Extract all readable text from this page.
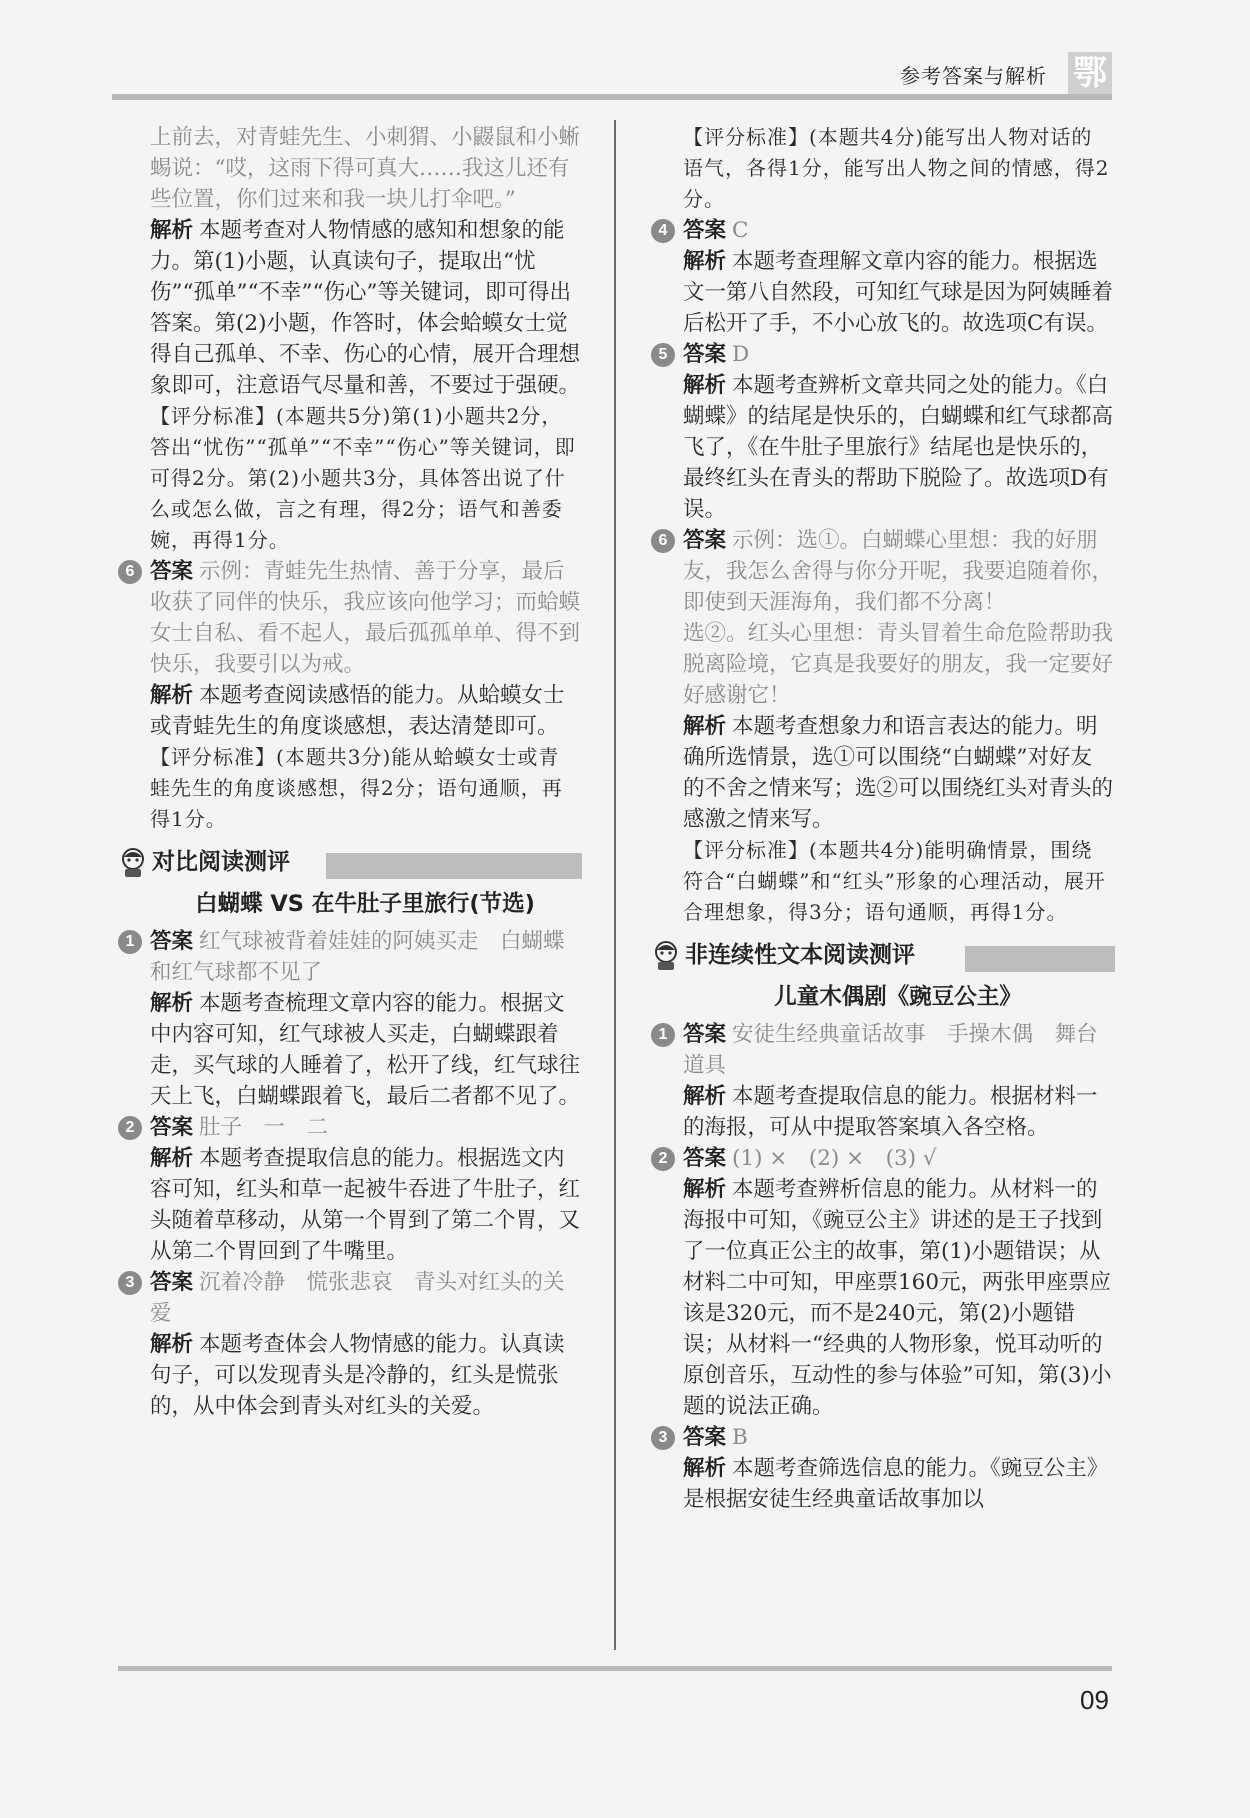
参考答案与解析 鄂

上前去，对青蛙先生、小刺猬、小鼹鼠和小蜥蜴说：“哎，这雨下得可真大……我这儿还有些位置，你们过来和我一块儿打伞吧。”

解析 本题考查对人物情感的感知和想象的能力。第(1)小题，认真读句子，提取出“忧伤”“孤单”“不幸”“伤心”等关键词，即可得出答案。第(2)小题，作答时，体会蛤蟆女士觉得自己孤单、不幸、伤心的心情，展开合理想象即可，注意语气尽量和善，不要过于强硬。

【评分标准】(本题共5分)第(1)小题共2分，答出“忧伤”“孤单”“不幸”“伤心”等关键词，即可得2分。第(2)小题共3分，具体答出说了什么或怎么做，言之有理，得2分；语气和善委婉，再得1分。

6 答案 示例：青蛙先生热情、善于分享，最后收获了同伴的快乐，我应该向他学习；而蛤蟆女士自私、看不起人，最后孤孤单单、得不到快乐，我要引以为戒。

解析 本题考查阅读感悟的能力。从蛤蟆女士或青蛙先生的角度谈感想，表达清楚即可。

【评分标准】(本题共3分)能从蛤蟆女士或青蛙先生的角度谈感想，得2分；语句通顺，再得1分。

对比阅读测评
白蝴蝶 VS 在牛肚子里旅行(节选)
1 答案 红气球被背着娃娃的阿姨买走　白蝴蝶和红气球都不见了

解析 本题考查梳理文章内容的能力。根据文中内容可知，红气球被人买走，白蝴蝶跟着走，买气球的人睡着了，松开了线，红气球往天上飞，白蝴蝶跟着飞，最后二者都不见了。

2 答案 肚子　一　二

解析 本题考查提取信息的能力。根据选文内容可知，红头和草一起被牛吞进了牛肚子，红头随着草移动，从第一个胃到了第二个胃，又从第二个胃回到了牛嘴里。

3 答案 沉着冷静　慌张悲哀　青头对红头的关爱

解析 本题考查体会人物情感的能力。认真读句子，可以发现青头是冷静的，红头是慌张的，从中体会到青头对红头的关爱。

【评分标准】(本题共4分)能写出人物对话的语气，各得1分，能写出人物之间的情感，得2分。

4 答案 C

解析 本题考查理解文章内容的能力。根据选文一第八自然段，可知红气球是因为阿姨睡着后松开了手，不小心放飞的。故选项C有误。

5 答案 D

解析 本题考查辨析文章共同之处的能力。《白蝴蝶》的结尾是快乐的，白蝴蝶和红气球都高飞了，《在牛肚子里旅行》结尾也是快乐的，最终红头在青头的帮助下脱险了。故选项D有误。

6 答案 示例：选①。白蝴蝶心里想：我的好朋友，我怎么舍得与你分开呢，我要追随着你，即使到天涯海角，我们都不分离！

选②。红头心里想：青头冒着生命危险帮助我脱离险境，它真是我要好的朋友，我一定要好好感谢它！

解析 本题考查想象力和语言表达的能力。明确所选情景，选①可以围绕“白蝴蝶”对好友的不舍之情来写；选②可以围绕红头对青头的感激之情来写。

【评分标准】(本题共4分)能明确情景，围绕符合“白蝴蝶”和“红头”形象的心理活动，展开合理想象，得3分；语句通顺，再得1分。

非连续性文本阅读测评
儿童木偶剧《豌豆公主》
1 答案 安徒生经典童话故事　手操木偶　舞台道具

解析 本题考查提取信息的能力。根据材料一的海报，可从中提取答案填入各空格。

2 答案 (1) ×　(2) ×　(3) √

解析 本题考查辨析信息的能力。从材料一的海报中可知，《豌豆公主》讲述的是王子找到了一位真正公主的故事，第(1)小题错误；从材料二中可知，甲座票160元，两张甲座票应该是320元，而不是240元，第(2)小题错误；从材料一“经典的人物形象，悦耳动听的原创音乐，互动性的参与体验”可知，第(3)小题的说法正确。

3 答案 B

解析 本题考查筛选信息的能力。《豌豆公主》是根据安徒生经典童话故事加以

09
